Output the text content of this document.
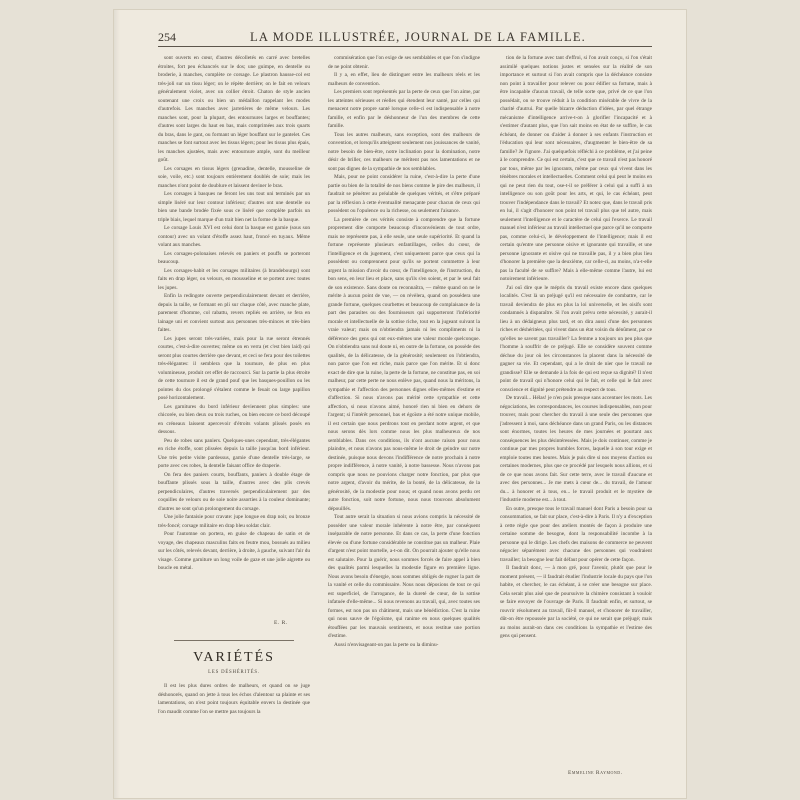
254	LA MODE ILLUSTRÉE, JOURNAL DE LA FAMILLE.

sont ouverts en cœur, d'autres décolletés en carré avec bretelles étroites, fort peu échancrés sur le dos; une guimpe, en dentelle ou broderie, à manches, complète ce corsage. Le plastron hausse-col est très-joli sur un tissu léger; on le répète derrière; on le fait en velours généralement violet, avec un collier étroit. Chaton de style ancien soutenant une croix ou bien un médaillon rappelant les modes d'autrefois. Les manches avec jarretières de même velours. Les manches sont, pour la plupart, des entournures larges et bouffantes; d'autres sont larges du haut en bas, mais comprimées aux trois quarts du bras, dans le gant, ou formant un léger bouffant sur le gantelet. Ces manches se font surtout avec les tissus légers; pour les tissus plus épais, les manches ajustées, mais avec entournure ample, sont du meilleur goût.

Les corsages en tissus légers (grenadine, dentelle, mousseline de soie, voile, etc.) sont toujours entièrement doublés de soie; mais les manches n'ont point de doublure et laissent deviner le bras.

Les corsages à basques ne feront les uns tout uni terminés par un simple liséré sur leur contour inférieur; d'autres ont une dentelle ou bien une bande brodée fixée sous ce liséré que complète parfois un triple biais, lequel marque d'un trait bien net la forme de la basque.

Le corsage Louis XVI est celui dont la basque est garnie (sous son contour) avec un volant d'étoffe assez haut, froncé en tuyaux. Même volant aux manches.

Les corsages-polonaises relevés en paniers et pouffs se porteront beaucoup.

Les corsages-habit et les corsages militaires (à brandebourgs) sont faits en drap léger, ou velours, en mousseline et se portent avec toutes les jupes.

Enfin la redingote ouverte perpendiculairement devant et derrière, depuis la taille, se formant en pli sur chaque côté, avec manche plate, parement d'homme, col rabattu, revers repliés en arrière, se fera en lainage uni et convient surtout aux personnes très-minces et très-bien faites.

Les jupes seront très-variées, mais pour la rue seront étrennés courtes, c'est-à-dire ouvertes; même on en verra (et c'est bien laid) qui seront plus courtes derrière que devant, et ceci se fera pour des toilettes très-élégantes: il semblera que la tournure, de plus en plus volumineuse, produit cet effet de raccourci. Sur la partie la plus étroite de cette tournure il est de grand pouf que les basques-pouillon ou les pointes du dos prolongé s'étalent comme le feuait ou large papillon posé horizontalement.

Les garnitures du bord inférieur deviennent plus simples: une chicorée, ou bien deux ou trois ruches, ou bien encore ce bord découpé en créneaux laissent apercevoir d'étroits volants plissés posés en dessous.

Peu de robes sans paniers. Quelques-unes cependant, très-élégantes en riche étoffe, sont plissées depuis la taille jusqu'au bord inférieur. Une très petite visite pardessus, garnie d'une dentelle très-large, se porte avec ces robes, la dentelle faisant office de draperie.

On fera des paniers courts, bouffants, paniers à double étage de bouffante plissés sous la taille, d'autres avec des plis crevés perpendiculaires, d'autres traversés perpendiculairement par des coquilles de velours ou de soie noire assorties à la couleur dominante; d'autres ne sont qu'un prolongement du corsage.

Une jolie fantaisie pour cravate: jupe longue en drap noir, ou bronze très-foncé; corsage militaire en drap bleu soldat clair.

Pour l'automne on portera, en guise de chapeau de satin et de voyage, des chapeaux masculins faits en feutre mou, bossués au milieu sur les côtés, relevés devant, derrière, à droite, à gauche, suivant l'air du visage. Comme garniture un long voile de gaze et une jolie aigrette ou boucle en métal.

E. R.
VARIÉTÉS
LES DÉSHÉRITÉS.

Il est les plus dures ordres de malheurs, et quand on se juge déshonorés, quand on jette à tous les échos d'alentour sa plainte et ses lamentations, on n'est point toujours équitable envers la destinée que l'on maudit comme l'on se mettre pas toujours la

commisération que l'on exige de ses semblables et que l'on s'indigne de ne point obtenir.

Il y a, en effet, lieu de distinguer entre les malheurs réels et les malheurs de convention.

Les premiers sont représentés par la perte de ceux que l'on aime, par les atteintes sérieuses et réelles qui étendent leur santé, par celles qui menacent notre propre santé lorsque celle-ci est indispensable à notre famille, et enfin par le déshonneur de l'un des membres de cette famille.

Tous les autres malheurs, sans exception, sont des malheurs de convention, et lorsqu'ils atteignent seulement nos jouissances de vanité, notre besoin de bien-être, notre inclination pour la domination, notre désir de briller, ces malheurs ne méritent pas nos lamentations et ne sont pas dignes de la sympathie de nos semblables.

Mais, pour ne point considérer la ruine, c'est-à-dire la perte d'une partie ou bien de la totalité de nos biens comme le pire des malheurs, il faudrait se pénétrer au préalable de quelques vérités, et s'être préparé par la réflexion à cette éventualité menaçante pour chacun de ceux qui possèdent ou l'opulence ou la richesse, ou seulement l'aisance.

La première de ces vérités consiste à comprendre que la fortune proprement dite comporte beaucoup d'inconvénients de tout ordre, mais ne représente pas, à elle seule, une seule supériorité. Et quand la fortune représente plusieurs enfantillages, celles du cœur, de l'intelligence et du jugement, c'est uniquement parce que ceux qui la possèdent ou comprennent pour qu'ils se portent commettre à leur argent la mission d'avoir du cœur, de l'intelligence, de l'instruction, du bon sens, en leur lieu et place, sans qu'ils s'en soient, et par le seul fait de son existence. Sans doute on reconnaîtra, — même quand on ne le mérite à aucun point de vue, — on révèlera, quand on possédera une grande fortune, quelques courbettes et beaucoup de complaisance de la part des parasites ou des fournisseurs qui supporteront l'infériorité morale et intellectuelle de la sottise riche, tout en la jugeant suivant la vraie valeur; mais on n'obtiendra jamais ni les compliments ni la déférence des gens qui ont eux-mêmes une valeur morale quelconque. On n'obtiendra sans nul doute ni, en outre de la fortune, on possède des qualités, de la délicatesse, de la générosité; seulement on l'obtiendra, non parce que l'on est riche, mais parce que l'on mérite. Et si donc exact de dire que la ruine, la perte de la fortune, ne constitue pas, en soi malheur, par cette perte ne nous enlève pas, quand nous la méritons, la sympathie et l'affection des personnes dignes elles-mêmes d'estime et d'affection. Si nous n'avons pas mérité cette sympathie et cette affection, si nous n'avons aimé, honoré rien ni bien en dehors de l'argent; si l'intérêt personnel, bas et égoïste a été notre unique mobile, il est certain que nous perdrons tout en perdant notre argent, et que nous serons dès lors comme nous les plus malheureux de nos semblables. Dans ces conditions, ils n'ont aucune raison pour nous plaindre, et nous n'avons pas nous-même le droit de geindre sur notre destinée, puisque nous devons l'indifférence de notre prochain à notre propre indifférence, à notre vanité, à notre bassesse. Nous n'avons pas compris que nous ne pouvions charger notre fonction, par plus que notre argent, d'avoir du mérite, de la bonté, de la délicatesse, de la générosité, de la modestie pour nous; et quand nous avons perdu cet autre fonction, soit notre fortune, nous nous trouvons absolument dépouillés.

Tout autre serait la situation si nous avions compris la nécessité de posséder une valeur morale inhérente à notre être, par conséquent inséparable de notre personne. Et dans ce cas, la perte d'une fonction élevée ou d'une fortune considérable ne constitue pas un malheur. Plaie d'argent n'est point mortelle, a-t-on dit. On pourrait ajouter qu'elle nous est salutaire. Pour la guérir, nous sommes forcés de faire appel à bien des qualités parmi lesquelles la modestie figure en première ligne. Nous avons besoin d'énergie, nous sommes obligés de rogner la part de la vanité et celle du commissaire. Nous nous déposions de tout ce qui est superficiel, de l'arrogance, de la dureté de cœur, de la sottise infatuée d'elle-même... Si nous revenons au travail, qui, avec toutes ses formes, est non pas un châtiment, mais une bénédiction. C'est la ruine qui nous sauve de l'égoïsme, qui ranime en nous quelques qualités étouffées par les mauvais sentiments, et nous restitue une portion d'estime.

Aussi n'envisageant-on pas la perte ou la diminu-

tion de la fortune avec tant d'effroi, si l'on avait conçu, si l'on s'était assimilé quelques notions justes et sensées sur la réalité de son importance et surtout si l'on avait compris que la déchéance consiste non point à travailler pour relever ou pour édifier sa fortune, mais à être incapable d'aucun travail, de telle sorte que, privé de ce que l'on possédait, on se trouve réduit à la condition misérable de vivre de la charité d'autrui. Par quelle bizarre déduction d'idées, par quel étrange mécanisme d'intelligence arrive-t-on à glorifier l'incapacité et à s'estimer d'autant plus, que l'on sait moins en état de se suffire, le cas échéant, de donner ou d'aider à donner à ses enfants l'instruction et l'éducation qui leur sont nécessaires, d'augmenter le bien-être de sa famille? Je l'ignore. J'ai quelquefois réfléchi à ce problème, et j'ai peine à le comprendre. Ce qui est certain, c'est que ce travail n'est pas honoré par tous, même par les ignorants, même par ceux qui vivent dans les ténèbres morales et intellectuelles. Comment celui qui peut le moins en qui ne peut rien du tout, ose-t-il se préférer à celui qui a suffi à un intelligence ou son goût pour les arts, et qui, le cas échéant, peut trouver l'indépendance dans le travail? Et notez que, dans le travail pris en lui, il s'agit d'honorer non point tel travail plus que tel autre, mais seulement l'intelligence et le caractère de celui qui l'exerce. Le travail manuel n'est inférieur au travail intellectuel que parce qu'il ne comporte pas, comme celui-ci, le développement de l'intelligence; mais il est certain qu'entre une personne oisive et ignorante qui travaille, et une personne ignorante et oisive qui ne travaille pas, il y a bien plus lieu d'honorer la première que la deuxième, car celle-ci, au moins, n'a-t-elle pas la faculté de se suffire? Mais à elle-même comme l'autre, lui est notoirement inférieure.

J'ai ouï dire que le mépris du travail existe encore dans quelques localités. C'est là un préjugé qu'il est nécessaire de combattre, car le travail deviendra de plus en plus la loi universelle, et les oisifs sont condamnés à disparaître. Si l'on avait prévu cette nécessité, y aurait-il lieu à un dédaigneux plus tard, et on dira aussi d'une des personnes riches et déshéritées, qui vivent dans un état voisin du dénûment, par ce qu'elles ne savent pas travailler? La femme a toujours un peu plus que l'homme à souffrir de ce préjugé. Elle se considère souvent comme déchue du jour où les circonstances la placent dans la nécessité de gagner sa vie. Et cependant, qui a le droit de nier que le travail ne grandisse? Elle se demande à la fois de qui est reçue sa dignité? Il n'est point de travail qui n'honore celui qui le fait, et celle qui le fait avec conscience et dignité peut prétendre au respect de tous.

De travail... Hélas! je n'en puis presque sans accentuer les mots. Les négociations, les correspondances, les courses indispensables, non pour trouver, mais pour chercher du travail à une seule des personnes que j'adressent à moi, sans déchéance dans un grand Paris, ou les distances sont énormes, toutes les heures de mes journées et pourtant aux conséquences les plus désintéressées. Mais je dois continuer, comme je continue par mes propres humbles forces, laquelle à son tour exige et emploie toutes mes heures. Mais je puis dire si nos moyens d'action ou certaines modernes, plus que ce procédé par lesquels nous allions, et si de ce que nous avons fait. Sur cette terre, avec le travail d'aucune et avec des personnes... Je me mets à cœur de... du travail, de l'amour du... à honorer et à tous, en... le travail produit et le mystère de l'industrie moderne est... à tout.

En outre, presque tous le travail manuel dont Paris a besoin pour sa consommation, se fait sur place, c'est-à-dire à Paris. Il n'y a d'exception à cette règle que pour des ateliers montés de façon à produire une certaine somme de besogne, dont la responsabilité incombe à la personne qui le dirige. Les chefs des maisons de commerce ne peuvent négocier séparément avec chacune des personnes qui voudraient travailler; la besogne leur fait défaut pour opérer de cette façon.

Il faudrait donc, — à mon gré, pour l'avenir, plutôt que pour le moment présent, — il faudrait étudier l'industrie locale du pays que l'on habite, et chercher, le cas échéant, à se créer une besogne sur place. Cela serait plus aisé que de poursuivre la chimère consistant à vouloir se faire envoyer de l'ouvrage de Paris. Il faudrait enfin, et surtout, se rouvrir résolument au travail, fût-il manuel, et s'honorer de travailler, dût-on être repoussée par la société, ce qui ne serait que préjugé; mais au moins aurait-on dans ces conditions la sympathie et l'estime des gens qui pensent.

Emmeline Raymond.
